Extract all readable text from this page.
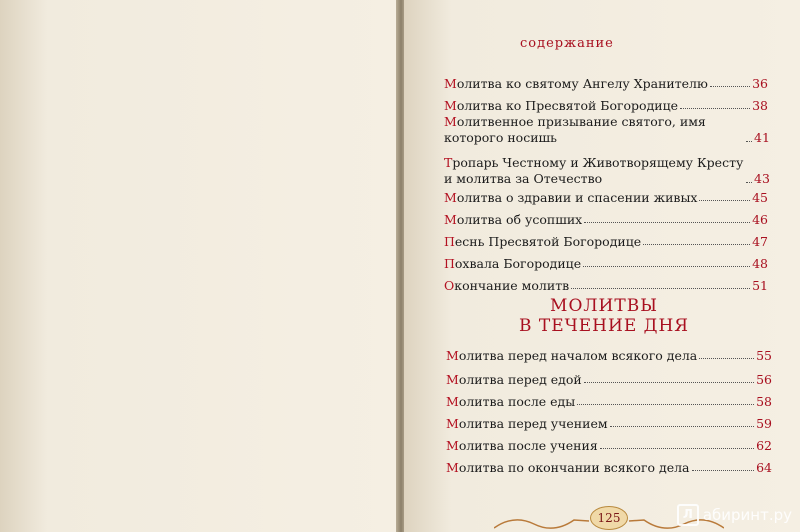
содержание
Молитва ко святому Ангелу Хранителю	36
Молитва ко Пресвятой Богородице	38
Молитвенное призывание святого, имя которого носишь	41
Тропарь Честному и Животворящему Кресту и молитва за Отечество	43
Молитва о здравии и спасении живых	45
Молитва об усопших	46
Песнь Пресвятой Богородице	47
Похвала Богородице	48
Окончание молитв	51
МОЛИТВЫ
В ТЕЧЕНИЕ ДНЯ
Молитва перед началом всякого дела	55
Молитва перед едой	56
Молитва после еды	58
Молитва перед учением	59
Молитва после учения	62
Молитва по окончании всякого дела	64
125	Л абиринт.ру
